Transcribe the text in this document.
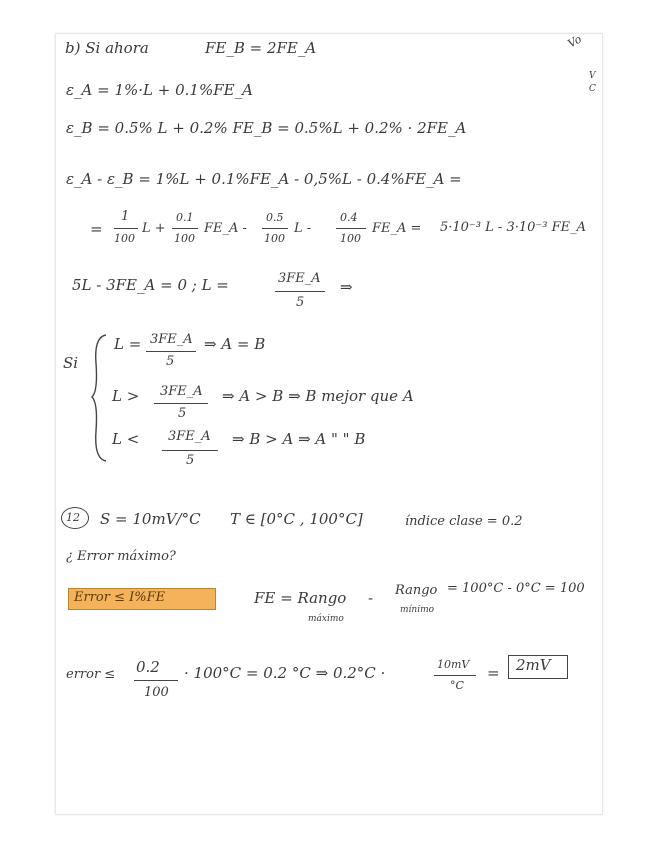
Vo
V
C
b) Si ahora	FE_B = 2FE_A
ε_A = 1%·L + 0.1%FE_A
ε_B = 0.5% L + 0.2% FE_B = 0.5%L + 0.2% · 2FE_A
ε_A - ε_B = 1%L + 0.1%FE_A - 0,5%L - 0.4%FE_A =
=
1
100
L +
0.1
100
FE_A -
0.5
100
L -
0.4
100
FE_A = 5·10⁻³ L - 3·10⁻³ FE_A
5L - 3FE_A = 0 ; L =	3FE_A
5
⇒
Si
L = 3FE_A
5
⇒ A = B
L > 3FE_A
5
⇒ A > B ⇒ B mejor que A
L < 3FE_A
5
⇒ B > A ⇒ A " " B
12 S = 10mV/°C T ∈ [0°C , 100°C]	índice clase = 0.2
¿ Error máximo?
Error ≤ I%FE	FE = Rango
máximo
- Rango
mínimo
= 100°C - 0°C = 100
error ≤ 0.2
100
· 100°C = 0.2 °C ⇒ 0.2°C ·	10mV
°C
= 2mV
